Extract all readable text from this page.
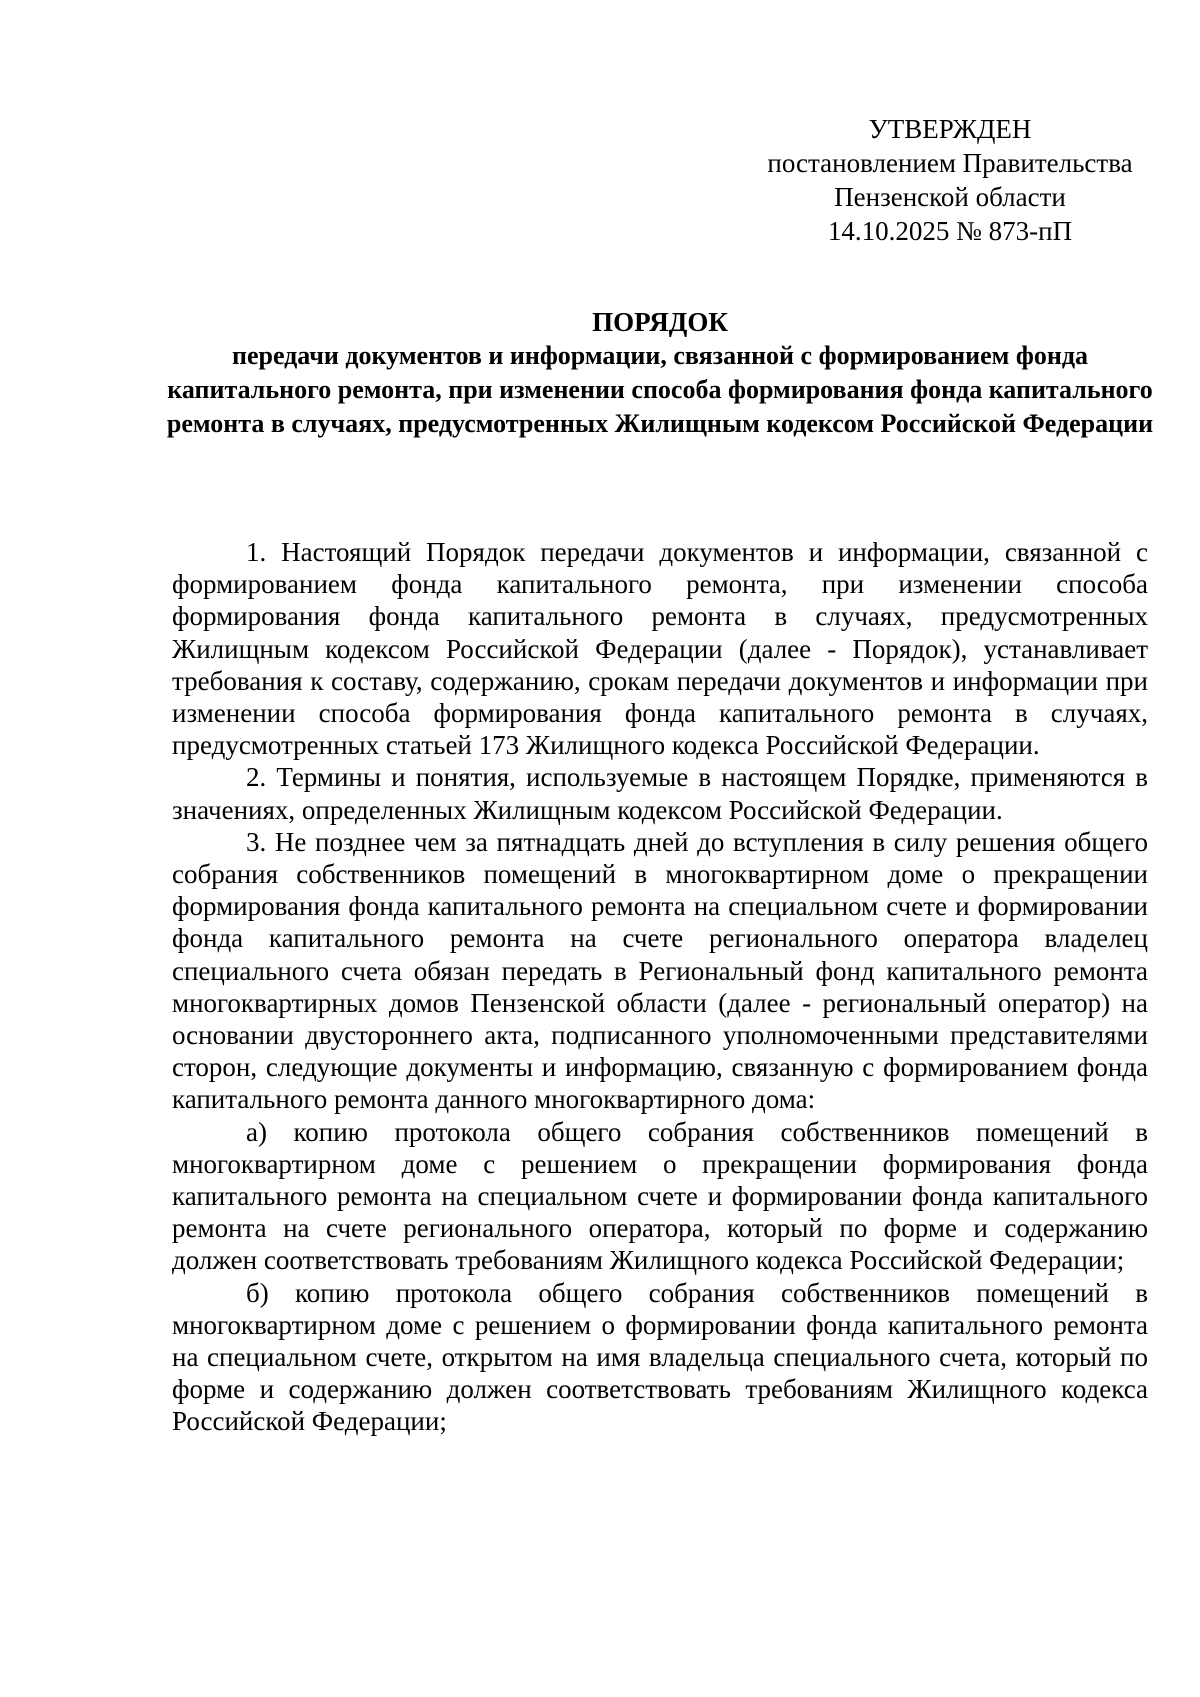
УТВЕРЖДЕН
постановлением Правительства
Пензенской области
14.10.2025 № 873-пП
ПОРЯДОК
передачи документов и информации, связанной с формированием фонда капитального ремонта, при изменении способа формирования фонда капитального ремонта в случаях, предусмотренных Жилищным кодексом Российской Федерации

1. Настоящий Порядок передачи документов и информации, связанной с формированием фонда капитального ремонта, при изменении способа формирования фонда капитального ремонта в случаях, предусмотренных Жилищным кодексом Российской Федерации (далее - Порядок), устанавливает требования к составу, содержанию, срокам передачи документов и информации при изменении способа формирования фонда капитального ремонта в случаях, предусмотренных статьей 173 Жилищного кодекса Российской Федерации.

2. Термины и понятия, используемые в настоящем Порядке, применяются в значениях, определенных Жилищным кодексом Российской Федерации.

3. Не позднее чем за пятнадцать дней до вступления в силу решения общего собрания собственников помещений в многоквартирном доме о прекращении формирования фонда капитального ремонта на специальном счете и формировании фонда капитального ремонта на счете регионального оператора владелец специального счета обязан передать в Региональный фонд капитального ремонта многоквартирных домов Пензенской области (далее - региональный оператор) на основании двустороннего акта, подписанного уполномоченными представителями сторон, следующие документы и информацию, связанную с формированием фонда капитального ремонта данного многоквартирного дома:

а) копию протокола общего собрания собственников помещений в многоквартирном доме с решением о прекращении формирования фонда капитального ремонта на специальном счете и формировании фонда капитального ремонта на счете регионального оператора, который по форме и содержанию должен соответствовать требованиям Жилищного кодекса Российской Федерации;

б) копию протокола общего собрания собственников помещений в многоквартирном доме с решением о формировании фонда капитального ремонта на специальном счете, открытом на имя владельца специального счета, который по форме и содержанию должен соответствовать требованиям Жилищного кодекса Российской Федерации;
